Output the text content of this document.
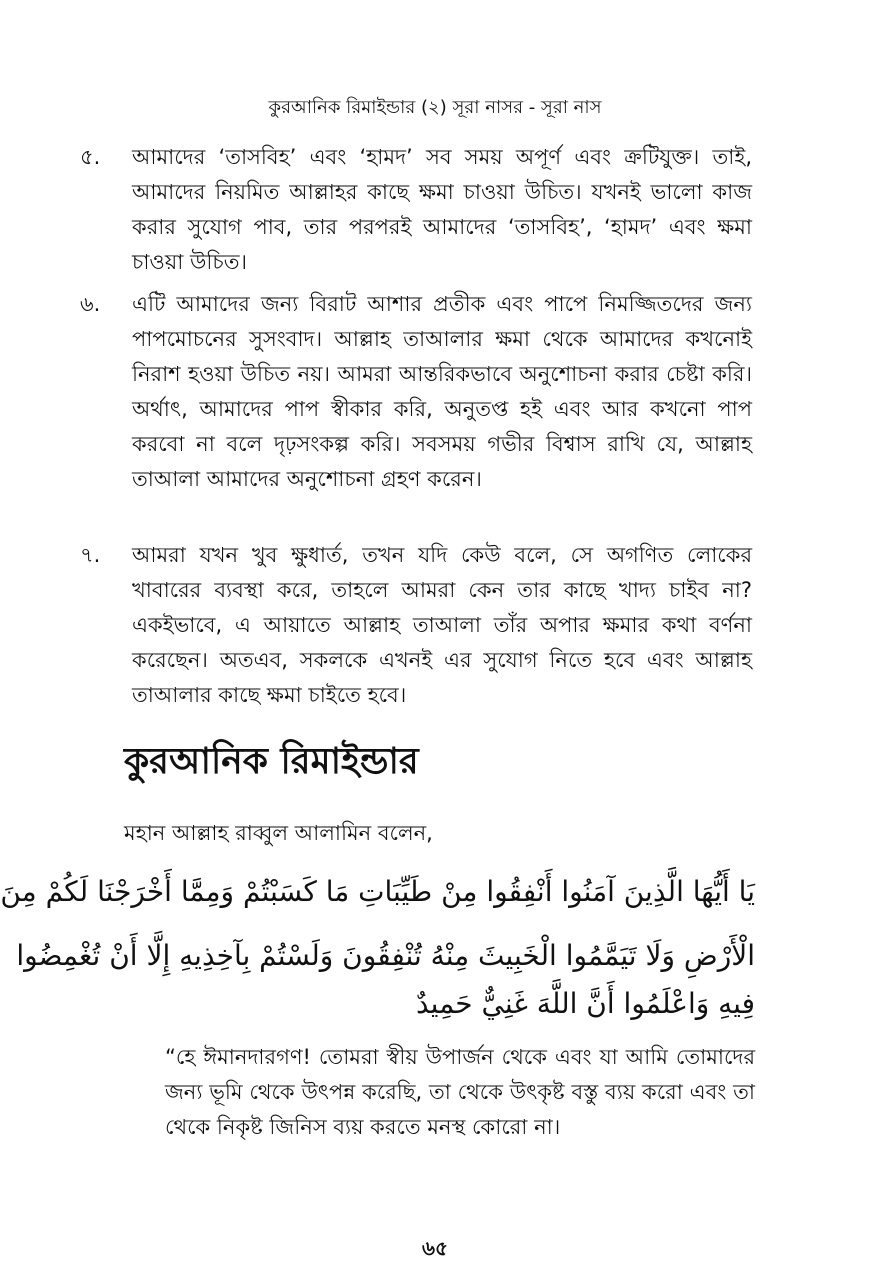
কুরআনিক রিমাইন্ডার (২) সূরা নাসর - সূরা নাস
৫. আমাদের ‘তাসবিহ’ এবং ‘হামদ’ সব সময় অপূর্ণ এবং ক্রটিযুক্ত। তাই, আমাদের নিয়মিত আল্লাহর কাছে ক্ষমা চাওয়া উচিত। যখনই ভালো কাজ করার সুযোগ পাব, তার পরপরই আমাদের ‘তাসবিহ’, ‘হামদ’ এবং ক্ষমা চাওয়া উচিত।
৬. এটি আমাদের জন্য বিরাট আশার প্রতীক এবং পাপে নিমজ্জিতদের জন্য পাপমোচনের সুসংবাদ। আল্লাহ তাআলার ক্ষমা থেকে আমাদের কখনোই নিরাশ হওয়া উচিত নয়। আমরা আন্তরিকভাবে অনুশোচনা করার চেষ্টা করি। অর্থাৎ, আমাদের পাপ স্বীকার করি, অনুতপ্ত হই এবং আর কখনো পাপ করবো না বলে দৃঢ়সংকল্প করি। সবসময় গভীর বিশ্বাস রাখি যে, আল্লাহ তাআলা আমাদের অনুশোচনা গ্রহণ করেন।
৭. আমরা যখন খুব ক্ষুধার্ত, তখন যদি কেউ বলে, সে অগণিত লোকের খাবারের ব্যবস্থা করে, তাহলে আমরা কেন তার কাছে খাদ্য চাইব না? একইভাবে, এ আয়াতে আল্লাহ তাআলা তাঁর অপার ক্ষমার কথা বর্ণনা করেছেন। অতএব, সকলকে এখনই এর সুযোগ নিতে হবে এবং আল্লাহ তাআলার কাছে ক্ষমা চাইতে হবে।
কুরআনিক রিমাইন্ডার
মহান আল্লাহ রাব্বুল আলামিন বলেন,
يَا أَيُّهَا الَّذِينَ آمَنُوا أَنْفِقُوا مِنْ طَيِّبَاتِ مَا كَسَبْتُمْ وَمِمَّا أَخْرَجْنَا لَكُمْ مِنَ
الْأَرْضِ وَلَا تَيَمَّمُوا الْخَبِيثَ مِنْهُ تُنْفِقُونَ وَلَسْتُمْ بِآخِذِيهِ إِلَّا أَنْ تُغْمِضُوا
فِيهِ وَاعْلَمُوا أَنَّ اللَّهَ غَنِيٌّ حَمِيدٌ
“হে ঈমানদারগণ! তোমরা স্বীয় উপার্জন থেকে এবং যা আমি তোমাদের জন্য ভূমি থেকে উৎপন্ন করেছি, তা থেকে উৎকৃষ্ট বস্তু ব্যয় করো এবং তা থেকে নিকৃষ্ট জিনিস ব্যয় করতে মনস্থ কোরো না।
৬৫
